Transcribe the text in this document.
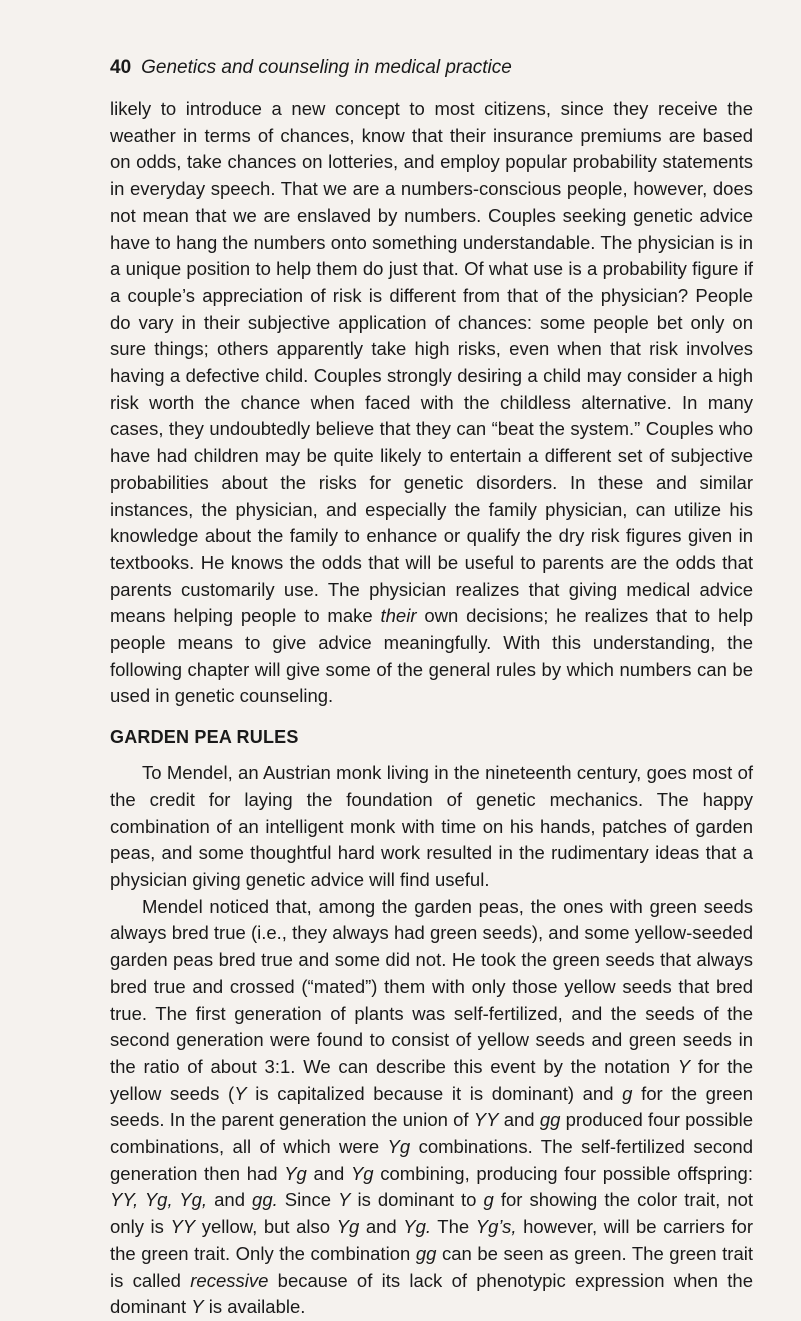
40 Genetics and counseling in medical practice

likely to introduce a new concept to most citizens, since they receive the weather in terms of chances, know that their insurance premiums are based on odds, take chances on lotteries, and employ popular probability statements in everyday speech. That we are a numbers-conscious people, however, does not mean that we are enslaved by numbers. Couples seeking genetic advice have to hang the numbers onto something understandable. The physician is in a unique position to help them do just that. Of what use is a probability figure if a couple’s appreciation of risk is different from that of the physician? People do vary in their subjective application of chances: some people bet only on sure things; others apparently take high risks, even when that risk involves having a defective child. Couples strongly desiring a child may consider a high risk worth the chance when faced with the childless alternative. In many cases, they undoubtedly believe that they can “beat the system.” Couples who have had children may be quite likely to entertain a different set of subjective probabilities about the risks for genetic disorders. In these and similar instances, the physician, and especially the family physician, can utilize his knowledge about the family to enhance or qualify the dry risk figures given in textbooks. He knows the odds that will be useful to parents are the odds that parents customarily use. The physician realizes that giving medical advice means helping people to make their own decisions; he realizes that to help people means to give advice meaningfully. With this understanding, the following chapter will give some of the general rules by which numbers can be used in genetic counseling.

GARDEN PEA RULES

To Mendel, an Austrian monk living in the nineteenth century, goes most of the credit for laying the foundation of genetic mechanics. The happy combination of an intelligent monk with time on his hands, patches of garden peas, and some thoughtful hard work resulted in the rudimentary ideas that a physician giving genetic advice will find useful.

Mendel noticed that, among the garden peas, the ones with green seeds always bred true (i.e., they always had green seeds), and some yellow-seeded garden peas bred true and some did not. He took the green seeds that always bred true and crossed (“mated”) them with only those yellow seeds that bred true. The first generation of plants was self-fertilized, and the seeds of the second generation were found to consist of yellow seeds and green seeds in the ratio of about 3:1. We can describe this event by the notation Y for the yellow seeds (Y is capitalized because it is dominant) and g for the green seeds. In the parent generation the union of YY and gg produced four possible combinations, all of which were Yg combinations. The self-fertilized second generation then had Yg and Yg combining, producing four possible offspring: YY, Yg, Yg, and gg. Since Y is dominant to g for showing the color trait, not only is YY yellow, but also Yg and Yg. The Yg’s, however, will be carriers for the green trait. Only the combination gg can be seen as green. The green trait is called recessive because of its lack of phenotypic expression when the dominant Y is available.
